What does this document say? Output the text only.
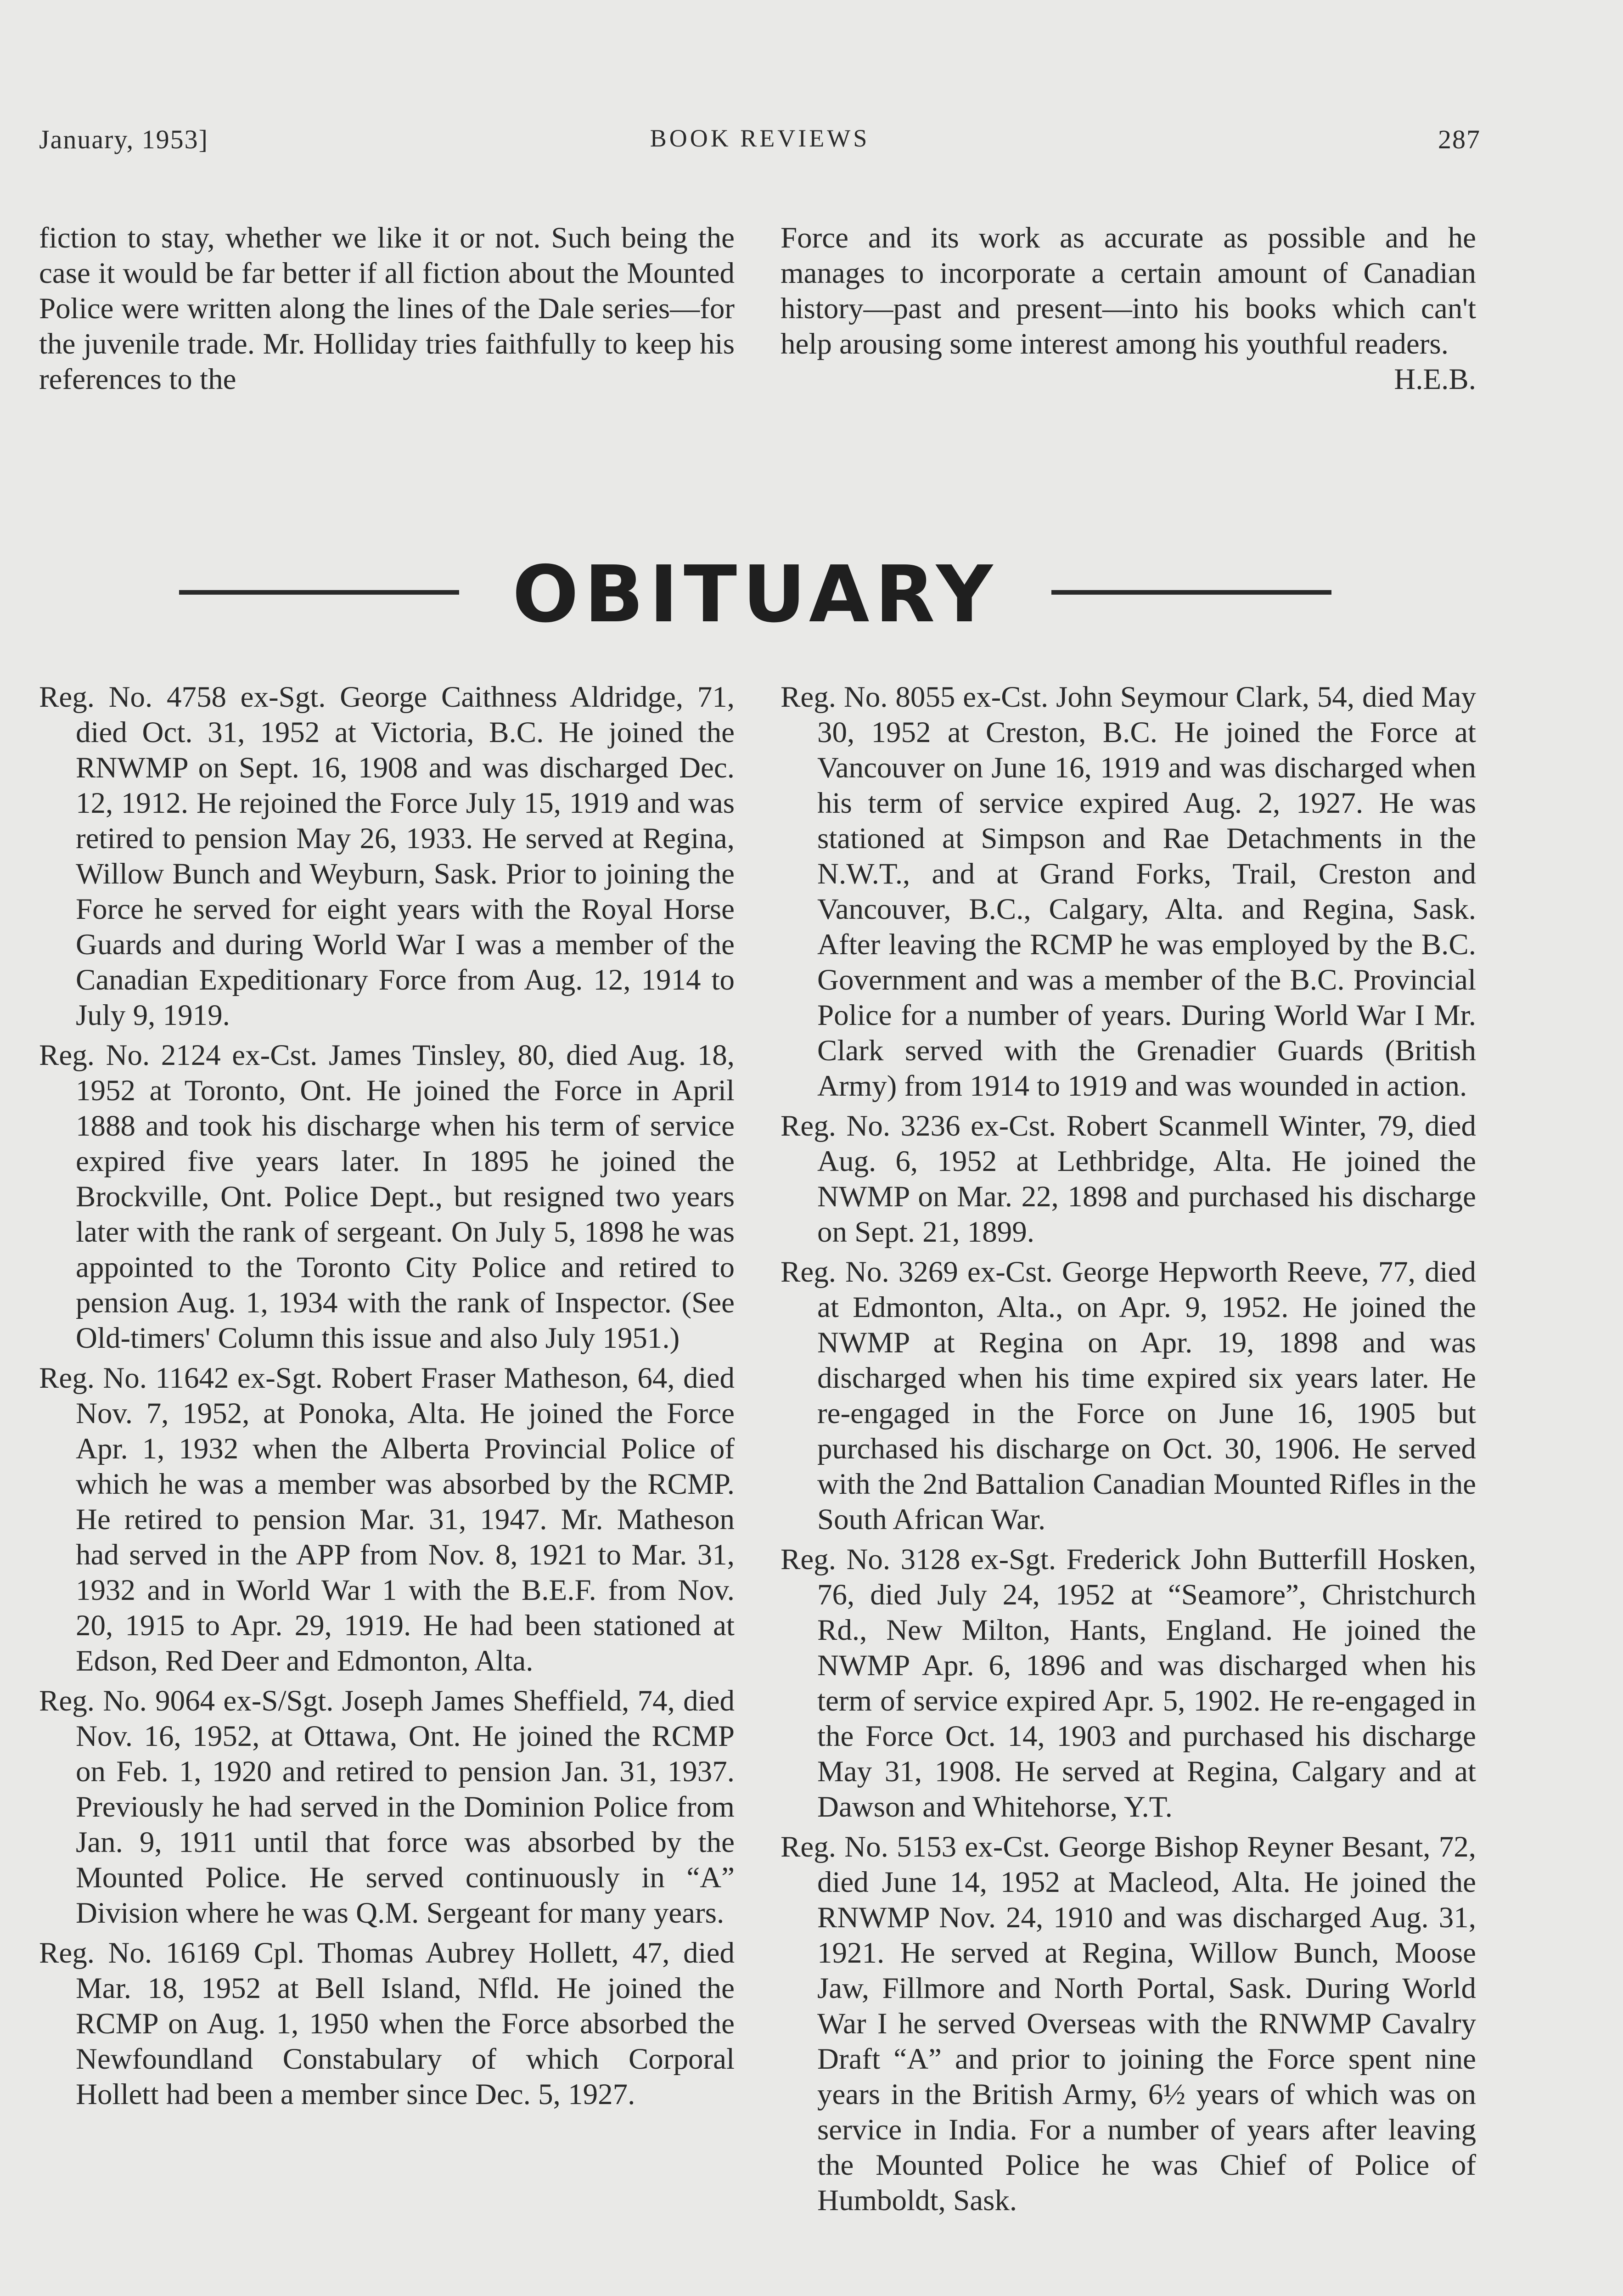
January, 1953]	BOOK REVIEWS	287

fiction to stay, whether we like it or not. Such being the case it would be far better if all fiction about the Mounted Police were written along the lines of the Dale series—for the juvenile trade. Mr. Holliday tries faithfully to keep his references to the

Force and its work as accurate as possible and he manages to incorporate a certain amount of Canadian history—past and present—into his books which can't help arousing some interest among his youthful readers.
H.E.B.

OBITUARY

Reg. No. 4758 ex-Sgt. George Caithness Aldridge, 71, died Oct. 31, 1952 at Victoria, B.C. He joined the RNWMP on Sept. 16, 1908 and was discharged Dec. 12, 1912. He rejoined the Force July 15, 1919 and was retired to pension May 26, 1933. He served at Regina, Willow Bunch and Weyburn, Sask. Prior to joining the Force he served for eight years with the Royal Horse Guards and during World War I was a member of the Canadian Expeditionary Force from Aug. 12, 1914 to July 9, 1919.

Reg. No. 2124 ex-Cst. James Tinsley, 80, died Aug. 18, 1952 at Toronto, Ont. He joined the Force in April 1888 and took his discharge when his term of service expired five years later. In 1895 he joined the Brockville, Ont. Police Dept., but resigned two years later with the rank of sergeant. On July 5, 1898 he was appointed to the Toronto City Police and retired to pension Aug. 1, 1934 with the rank of Inspector. (See Old-timers' Column this issue and also July 1951.)

Reg. No. 11642 ex-Sgt. Robert Fraser Matheson, 64, died Nov. 7, 1952, at Ponoka, Alta. He joined the Force Apr. 1, 1932 when the Alberta Provincial Police of which he was a member was absorbed by the RCMP. He retired to pension Mar. 31, 1947. Mr. Matheson had served in the APP from Nov. 8, 1921 to Mar. 31, 1932 and in World War 1 with the B.E.F. from Nov. 20, 1915 to Apr. 29, 1919. He had been stationed at Edson, Red Deer and Edmonton, Alta.

Reg. No. 9064 ex-S/Sgt. Joseph James Sheffield, 74, died Nov. 16, 1952, at Ottawa, Ont. He joined the RCMP on Feb. 1, 1920 and retired to pension Jan. 31, 1937. Previously he had served in the Dominion Police from Jan. 9, 1911 until that force was absorbed by the Mounted Police. He served continuously in “A” Division where he was Q.M. Sergeant for many years.

Reg. No. 16169 Cpl. Thomas Aubrey Hollett, 47, died Mar. 18, 1952 at Bell Island, Nfld. He joined the RCMP on Aug. 1, 1950 when the Force absorbed the Newfoundland Constabulary of which Corporal Hollett had been a member since Dec. 5, 1927.

Reg. No. 8055 ex-Cst. John Seymour Clark, 54, died May 30, 1952 at Creston, B.C. He joined the Force at Vancouver on June 16, 1919 and was discharged when his term of service expired Aug. 2, 1927. He was stationed at Simpson and Rae Detachments in the N.W.T., and at Grand Forks, Trail, Creston and Vancouver, B.C., Calgary, Alta. and Regina, Sask. After leaving the RCMP he was employed by the B.C. Government and was a member of the B.C. Provincial Police for a number of years. During World War I Mr. Clark served with the Grenadier Guards (British Army) from 1914 to 1919 and was wounded in action.

Reg. No. 3236 ex-Cst. Robert Scanmell Winter, 79, died Aug. 6, 1952 at Lethbridge, Alta. He joined the NWMP on Mar. 22, 1898 and purchased his discharge on Sept. 21, 1899.

Reg. No. 3269 ex-Cst. George Hepworth Reeve, 77, died at Edmonton, Alta., on Apr. 9, 1952. He joined the NWMP at Regina on Apr. 19, 1898 and was discharged when his time expired six years later. He re-engaged in the Force on June 16, 1905 but purchased his discharge on Oct. 30, 1906. He served with the 2nd Battalion Canadian Mounted Rifles in the South African War.

Reg. No. 3128 ex-Sgt. Frederick John Butterfill Hosken, 76, died July 24, 1952 at “Seamore”, Christchurch Rd., New Milton, Hants, England. He joined the NWMP Apr. 6, 1896 and was discharged when his term of service expired Apr. 5, 1902. He re-engaged in the Force Oct. 14, 1903 and purchased his discharge May 31, 1908. He served at Regina, Calgary and at Dawson and Whitehorse, Y.T.

Reg. No. 5153 ex-Cst. George Bishop Reyner Besant, 72, died June 14, 1952 at Macleod, Alta. He joined the RNWMP Nov. 24, 1910 and was discharged Aug. 31, 1921. He served at Regina, Willow Bunch, Moose Jaw, Fillmore and North Portal, Sask. During World War I he served Overseas with the RNWMP Cavalry Draft “A” and prior to joining the Force spent nine years in the British Army, 6½ years of which was on service in India. For a number of years after leaving the Mounted Police he was Chief of Police of Humboldt, Sask.
